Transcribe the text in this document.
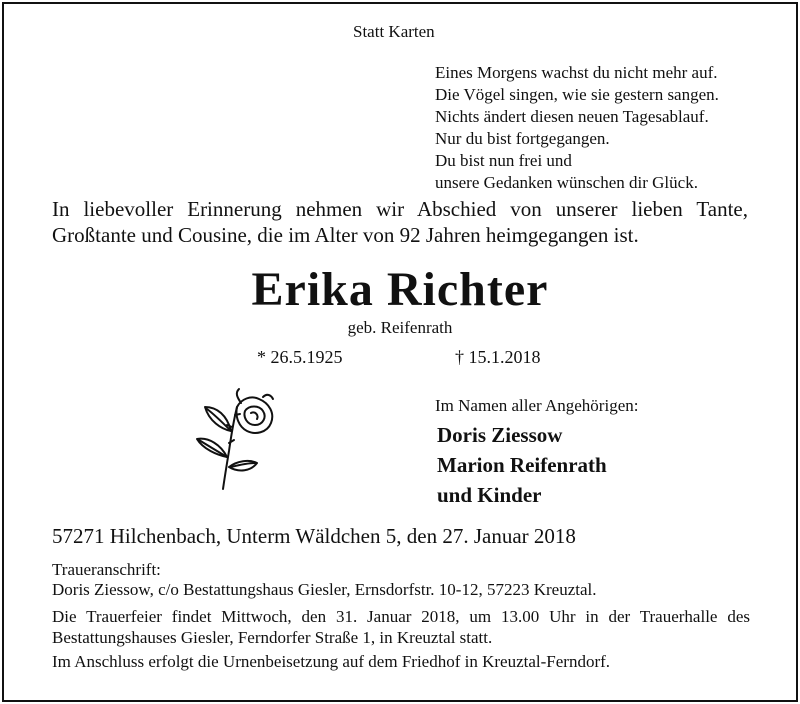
Statt Karten
Eines Morgens wachst du nicht mehr auf.
Die Vögel singen, wie sie gestern sangen.
Nichts ändert diesen neuen Tagesablauf.
Nur du bist fortgegangen.
Du bist nun frei und
unsere Gedanken wünschen dir Glück.
In liebevoller Erinnerung nehmen wir Abschied von unserer lieben Tante,
Großtante und Cousine, die im Alter von 92 Jahren heimgegangen ist.
Erika Richter
geb. Reifenrath
* 26.5.1925	† 15.1.2018
Im Namen aller Angehörigen:
Doris Ziessow
Marion Reifenrath
und Kinder
57271 Hilchenbach, Unterm Wäldchen 5, den 27. Januar 2018
Traueranschrift:
Doris Ziessow, c/o Bestattungshaus Giesler, Ernsdorfstr. 10-12, 57223 Kreuztal.
Die Trauerfeier findet Mittwoch, den 31. Januar 2018, um 13.00 Uhr in der Trauerhalle des
Bestattungshauses Giesler, Ferndorfer Straße 1, in Kreuztal statt.
Im Anschluss erfolgt die Urnenbeisetzung auf dem Friedhof in Kreuztal-Ferndorf.
